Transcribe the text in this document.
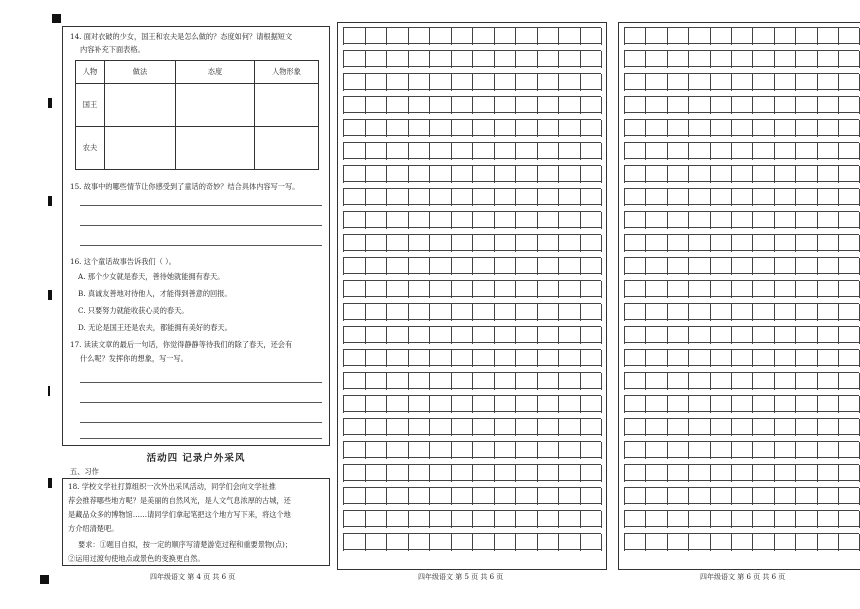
14. 面对衣破的少女，国王和农夫是怎么做的？态度如何？请根据短文
内容补充下面表格。
人物	做法	态度	人物形象
国王			
农夫			
15. 故事中的哪些情节让你感受到了童话的奇妙？结合具体内容写一写。
16. 这个童话故事告诉我们（ ）。
A. 那个少女就是春天，善待她就能拥有春天。
B. 真诚友善地对待他人，才能得到善意的回报。
C. 只要努力就能收获心灵的春天。
D. 无论是国王还是农夫，都能拥有美好的春天。
17. 读读文章的最后一句话，你觉得静静等待我们的除了春天，还会有
什么呢？发挥你的想象，写一写。
活动四 记录户外采风
五、习作
18. 学校文学社打算组织一次外出采风活动，同学们会向文学社推
荐会推荐哪些地方呢？是美丽的自然风光，是人文气息浓厚的古城，还
是藏品众多的博物馆……请同学们拿起笔把这个地方写下来，将这个地
方介绍清楚吧。
要求：①题目自拟，按一定的顺序写清楚游览过程和重要景物(点)；
②运用过渡句使地点或景色的变换更自然。
四年级语文 第 4 页 共 6 页	四年级语文 第 5 页 共 6 页	四年级语文 第 6 页 共 6 页
